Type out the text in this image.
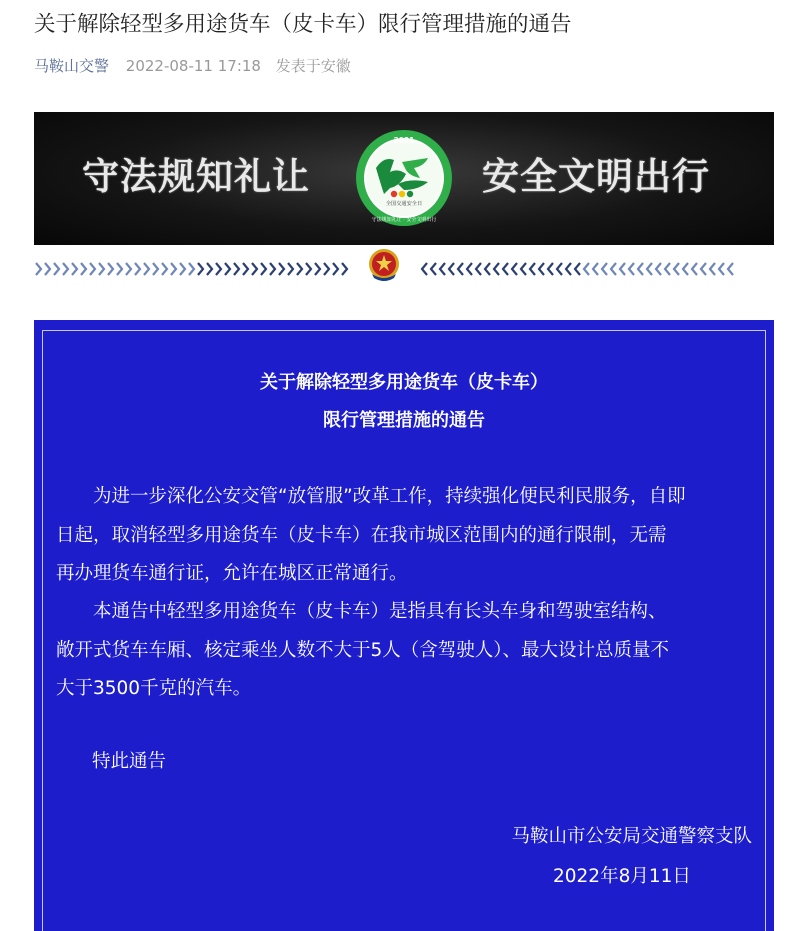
关于解除轻型多用途货车（皮卡车）限行管理措施的通告
马鞍山交警 2022-08-11 17:18 发表于安徽
守法规知礼让
2021
全国交通安全日
守法规知礼让 · 安全文明出行
安全文明出行
关于解除轻型多用途货车（皮卡车）
限行管理措施的通告
　　为进一步深化公安交管“放管服”改革工作，持续强化便民利民服务，自即
日起，取消轻型多用途货车（皮卡车）在我市城区范围内的通行限制，无需
再办理货车通行证，允许在城区正常通行。
　　本通告中轻型多用途货车（皮卡车）是指具有长头车身和驾驶室结构、
敞开式货车车厢、核定乘坐人数不大于5人（含驾驶人）、最大设计总质量不
大于3500千克的汽车。
特此通告
马鞍山市公安局交通警察支队
2022年8月11日
